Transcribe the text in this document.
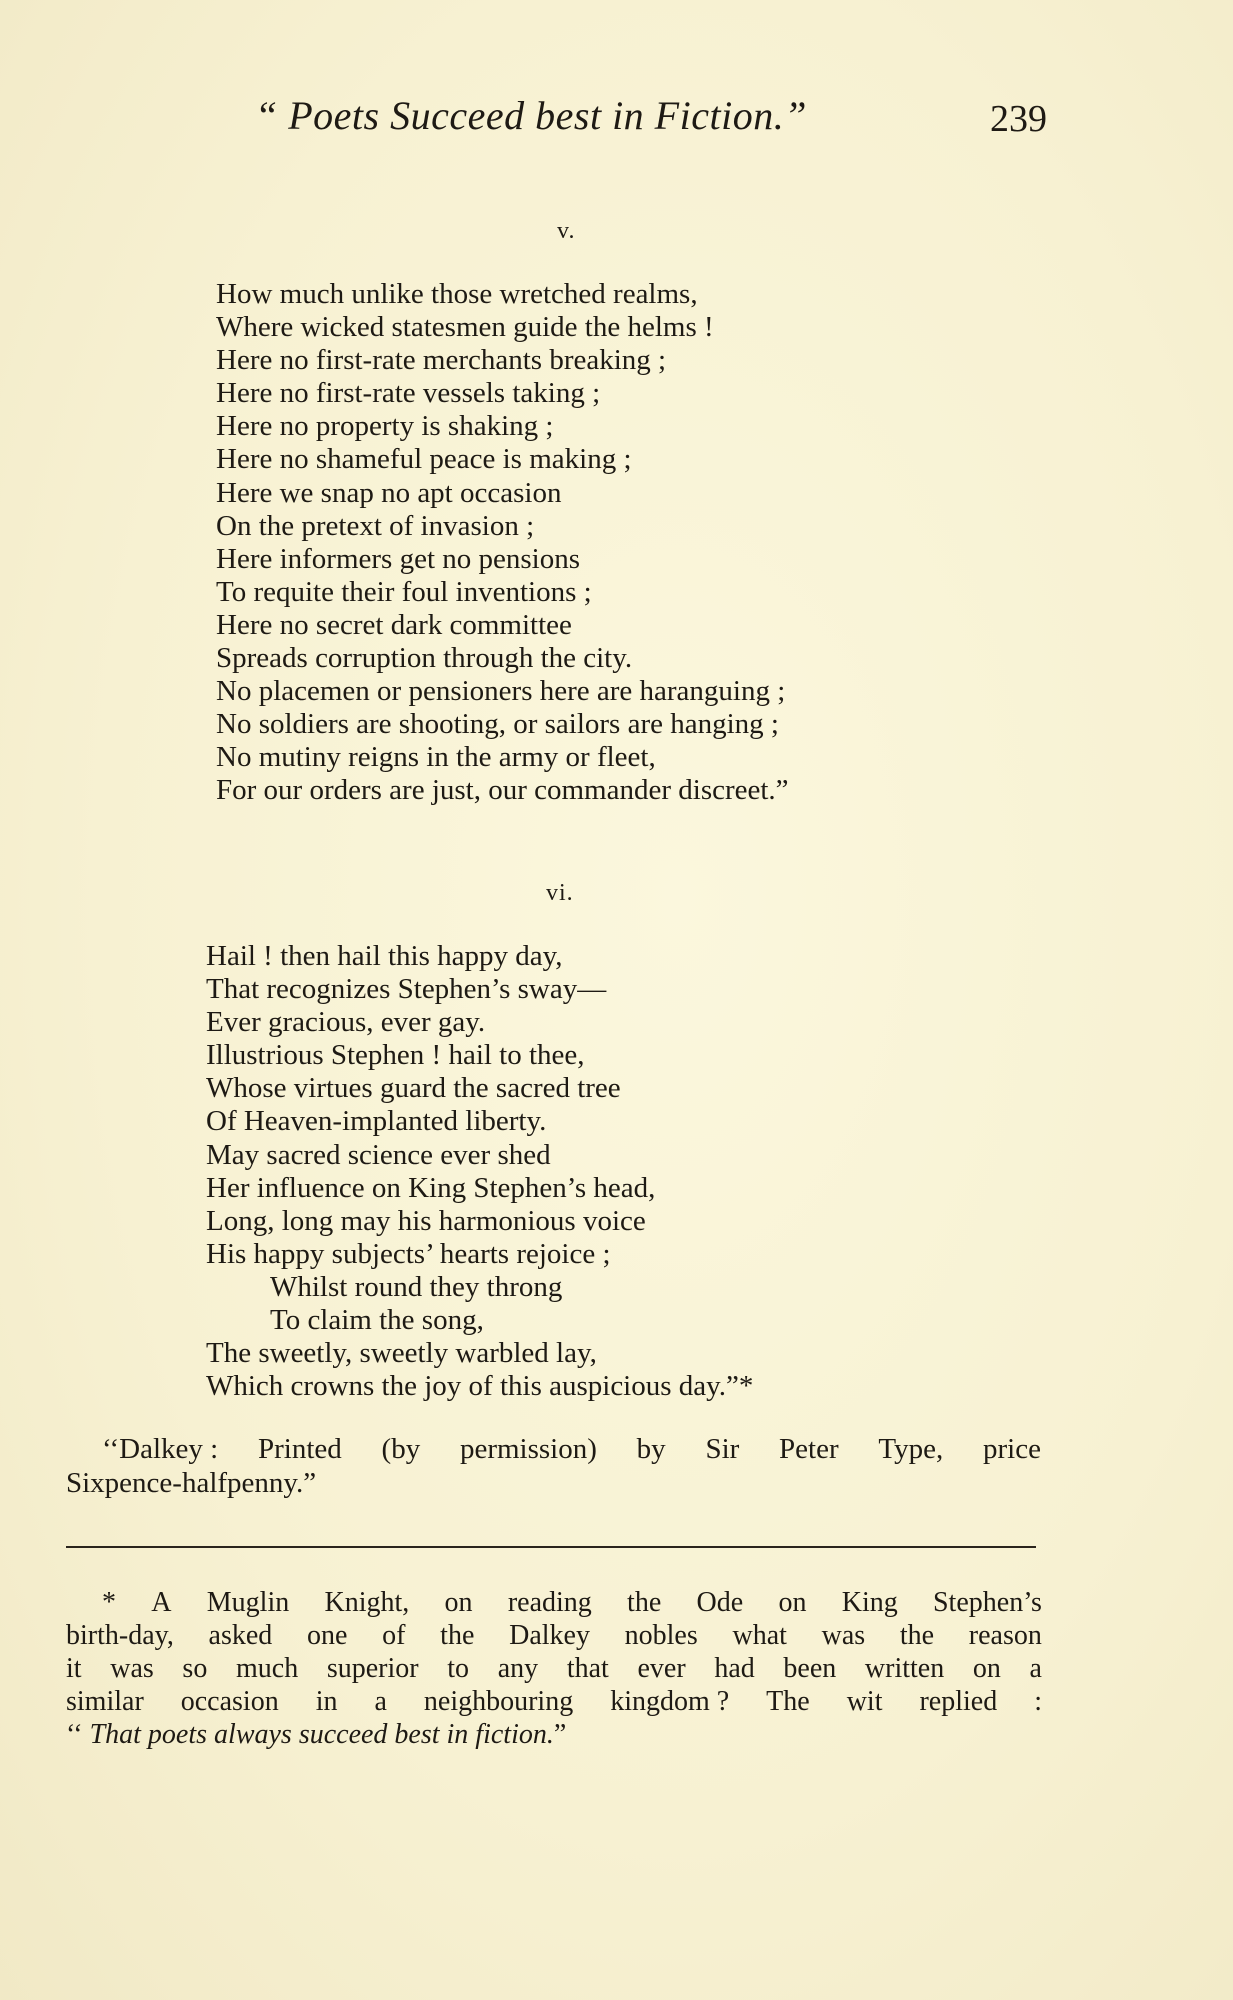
“ Poets Succeed best in Fiction.”	239
v.
How much unlike those wretched realms,
Where wicked statesmen guide the helms !
Here no first-rate merchants breaking ;
Here no first-rate vessels taking ;
Here no property is shaking ;
Here no shameful peace is making ;
Here we snap no apt occasion
On the pretext of invasion ;
Here informers get no pensions
To requite their foul inventions ;
Here no secret dark committee
Spreads corruption through the city.
No placemen or pensioners here are haranguing ;
No soldiers are shooting, or sailors are hanging ;
No mutiny reigns in the army or fleet,
For our orders are just, our commander discreet.”
vi.
Hail ! then hail this happy day,
That recognizes Stephen’s sway—
Ever gracious, ever gay.
Illustrious Stephen ! hail to thee,
Whose virtues guard the sacred tree
Of Heaven-implanted liberty.
May sacred science ever shed
Her influence on King Stephen’s head,
Long, long may his harmonious voice
His happy subjects’ hearts rejoice ;
Whilst round they throng
To claim the song,
The sweetly, sweetly warbled lay,
Which crowns the joy of this auspicious day.”*
‘‘Dalkey : Printed (by permission) by Sir Peter Type, price
Sixpence-halfpenny.”
* A Muglin Knight, on reading the Ode on King Stephen’s
birth-day, asked one of the Dalkey nobles what was the reason
it was so much superior to any that ever had been written on a
similar occasion in a neighbouring kingdom ? The wit replied :
‘‘ That poets always succeed best in fiction.”
